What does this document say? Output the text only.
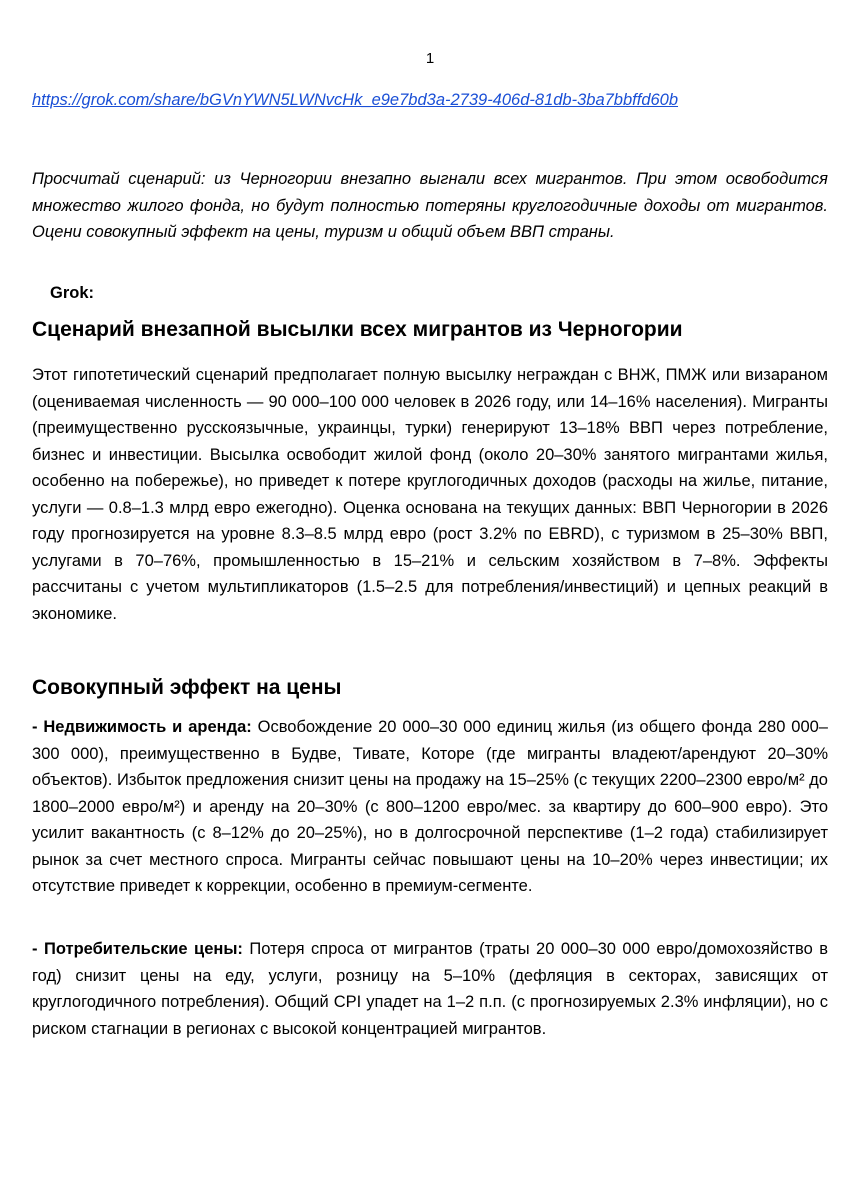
1
https://grok.com/share/bGVnYWN5LWNvcHk_e9e7bd3a-2739-406d-81db-3ba7bbffd60b

Просчитай сценарий: из Черногории внезапно выгнали всех мигрантов. При этом освободится множество жилого фонда, но будут полностью потеряны круглогодичные доходы от мигрантов. Оцени совокупный эффект на цены, туризм и общий объем ВВП страны.

Grok:
Сценарий внезапной высылки всех мигрантов из Черногории

Этот гипотетический сценарий предполагает полную высылку неграждан с ВНЖ, ПМЖ или визараном (оцениваемая численность — 90 000–100 000 человек в 2026 году, или 14–16% населения). Мигранты (преимущественно русскоязычные, украинцы, турки) генерируют 13–18% ВВП через потребление, бизнес и инвестиции. Высылка освободит жилой фонд (около 20–30% занятого мигрантами жилья, особенно на побережье), но приведет к потере круглогодичных доходов (расходы на жилье, питание, услуги — 0.8–1.3 млрд евро ежегодно). Оценка основана на текущих данных: ВВП Черногории в 2026 году прогнозируется на уровне 8.3–8.5 млрд евро (рост 3.2% по EBRD), с туризмом в 25–30% ВВП, услугами в 70–76%, промышленностью в 15–21% и сельским хозяйством в 7–8%. Эффекты рассчитаны с учетом мультипликаторов (1.5–2.5 для потребления/инвестиций) и цепных реакций в экономике.

Совокупный эффект на цены

- Недвижимость и аренда: Освобождение 20 000–30 000 единиц жилья (из общего фонда 280 000–300 000), преимущественно в Будве, Тивате, Которе (где мигранты владеют/арендуют 20–30% объектов). Избыток предложения снизит цены на продажу на 15–25% (с текущих 2200–2300 евро/м² до 1800–2000 евро/м²) и аренду на 20–30% (с 800–1200 евро/мес. за квартиру до 600–900 евро). Это усилит вакантность (с 8–12% до 20–25%), но в долгосрочной перспективе (1–2 года) стабилизирует рынок за счет местного спроса. Мигранты сейчас повышают цены на 10–20% через инвестиции; их отсутствие приведет к коррекции, особенно в премиум-сегменте.

- Потребительские цены: Потеря спроса от мигрантов (траты 20 000–30 000 евро/домохозяйство в год) снизит цены на еду, услуги, розницу на 5–10% (дефляция в секторах, зависящих от круглогодичного потребления). Общий CPI упадет на 1–2 п.п. (с прогнозируемых 2.3% инфляции), но с риском стагнации в регионах с высокой концентрацией мигрантов.
